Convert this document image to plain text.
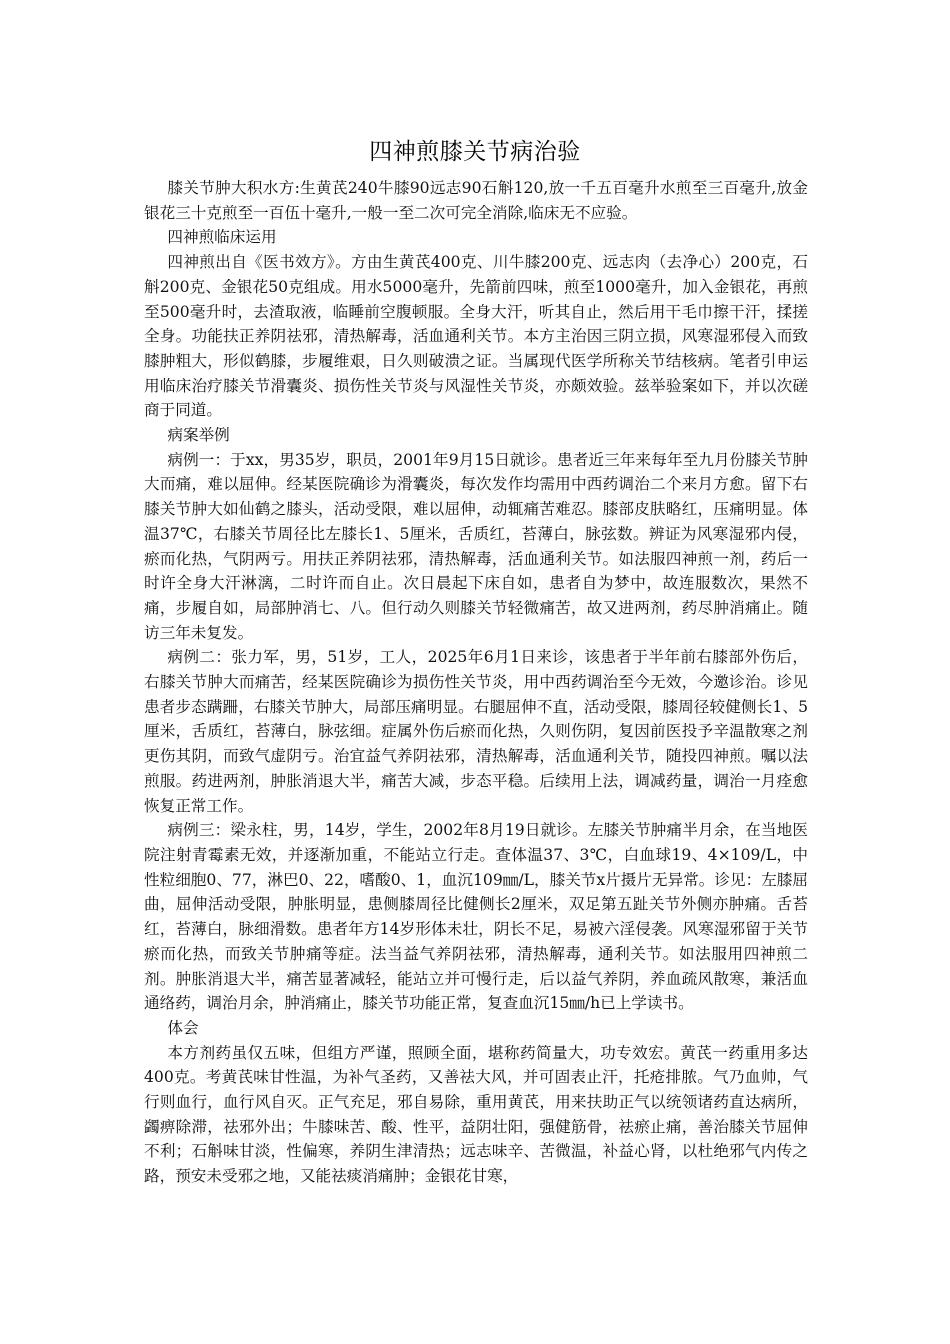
四神煎膝关节病治验

膝关节肿大积水方:生黄芪240牛膝90远志90石斛120,放一千五百毫升水煎至三百毫升,放金银花三十克煎至一百伍十毫升,一般一至二次可完全消除,临床无不应验。

四神煎临床运用

四神煎出自《医书效方》。方由生黄芪400克、川牛膝200克、远志肉（去净心）200克，石斛200克、金银花50克组成。用水5000毫升，先箭前四味，煎至1000毫升，加入金银花，再煎至500毫升时，去渣取液，临睡前空腹顿服。全身大汗，听其自止，然后用干毛巾擦干汗，揉搓全身。功能扶正养阴祛邪，清热解毒，活血通利关节。本方主治因三阴立损，风寒湿邪侵入而致膝肿粗大，形似鹤膝，步履维艰，日久则破溃之证。当属现代医学所称关节结核病。笔者引申运用临床治疗膝关节滑囊炎、损伤性关节炎与风湿性关节炎，亦颇效验。兹举验案如下，并以次磋商于同道。

病案举例

病例一：于xx，男35岁，职员，2001年9月15日就诊。患者近三年来每年至九月份膝关节肿大而痛，难以屈伸。经某医院确诊为滑囊炎，每次发作均需用中西药调治二个来月方愈。留下右膝关节肿大如仙鹤之膝头，活动受限，难以屈伸，动辄痛苦难忍。膝部皮肤略红，压痛明显。体温37℃，右膝关节周径比左膝长1、5厘米，舌质红，苔薄白，脉弦数。辨证为风寒湿邪内侵，瘀而化热，气阴两亏。用扶正养阴祛邪，清热解毒，活血通利关节。如法服四神煎一剂，药后一时许全身大汗淋漓，二时许而自止。次日晨起下床自如，患者自为梦中，故连服数次，果然不痛，步履自如，局部肿消七、八。但行动久则膝关节轻微痛苦，故又进两剂，药尽肿消痛止。随访三年未复发。

病例二：张力军，男，51岁，工人，2025年6月1日来诊，该患者于半年前右膝部外伤后，右膝关节肿大而痛苦，经某医院确诊为损伤性关节炎，用中西药调治至今无效，今邀诊治。诊见患者步态蹒跚，右膝关节肿大，局部压痛明显。右腿屈伸不直，活动受限，膝周径较健侧长1、5厘米，舌质红，苔薄白，脉弦细。症属外伤后瘀而化热，久则伤阴，复因前医投予辛温散寒之剂更伤其阴，而致气虚阴亏。治宜益气养阴祛邪，清热解毒，活血通利关节，随投四神煎。嘱以法煎服。药进两剂，肿胀消退大半，痛苦大减，步态平稳。后续用上法，调减药量，调治一月痊愈恢复正常工作。

病例三：梁永柱，男，14岁，学生，2002年8月19日就诊。左膝关节肿痛半月余，在当地医院注射青霉素无效，并逐渐加重，不能站立行走。查体温37、3℃，白血球19、4×109/L，中性粒细胞0、77，淋巴0、22，嗜酸0、1，血沉109㎜/L，膝关节x片摄片无异常。诊见：左膝屈曲，屈伸活动受限，肿胀明显，患侧膝周径比健侧长2厘米，双足第五趾关节外侧亦肿痛。舌苔红，苔薄白，脉细滑数。患者年方14岁形体未壮，阴长不足，易被六淫侵袭。风寒湿邪留于关节瘀而化热，而致关节肿痛等症。法当益气养阴祛邪，清热解毒，通利关节。如法服用四神煎二剂。肿胀消退大半，痛苦显著减轻，能站立并可慢行走，后以益气养阴，养血疏风散寒，兼活血通络药，调治月余，肿消痛止，膝关节功能正常，复查血沉15㎜/h已上学读书。

体会

本方剂药虽仅五味，但组方严谨，照顾全面，堪称药简量大，功专效宏。黄芪一药重用多达400克。考黄芪味甘性温，为补气圣药，又善祛大风，并可固表止汗，托疮排脓。气乃血帅，气行则血行，血行风自灭。正气充足，邪自易除，重用黄芪，用来扶助正气以统领诸药直达病所，蠲痹除滞，祛邪外出；牛膝味苦、酸、性平，益阴壮阳，强健筋骨，祛瘀止痛，善治膝关节屈伸不利；石斛味甘淡，性偏寒，养阴生津清热；远志味辛、苦微温，补益心肾，以杜绝邪气内传之路，预安未受邪之地，又能祛痰消痛肿；金银花甘寒，
